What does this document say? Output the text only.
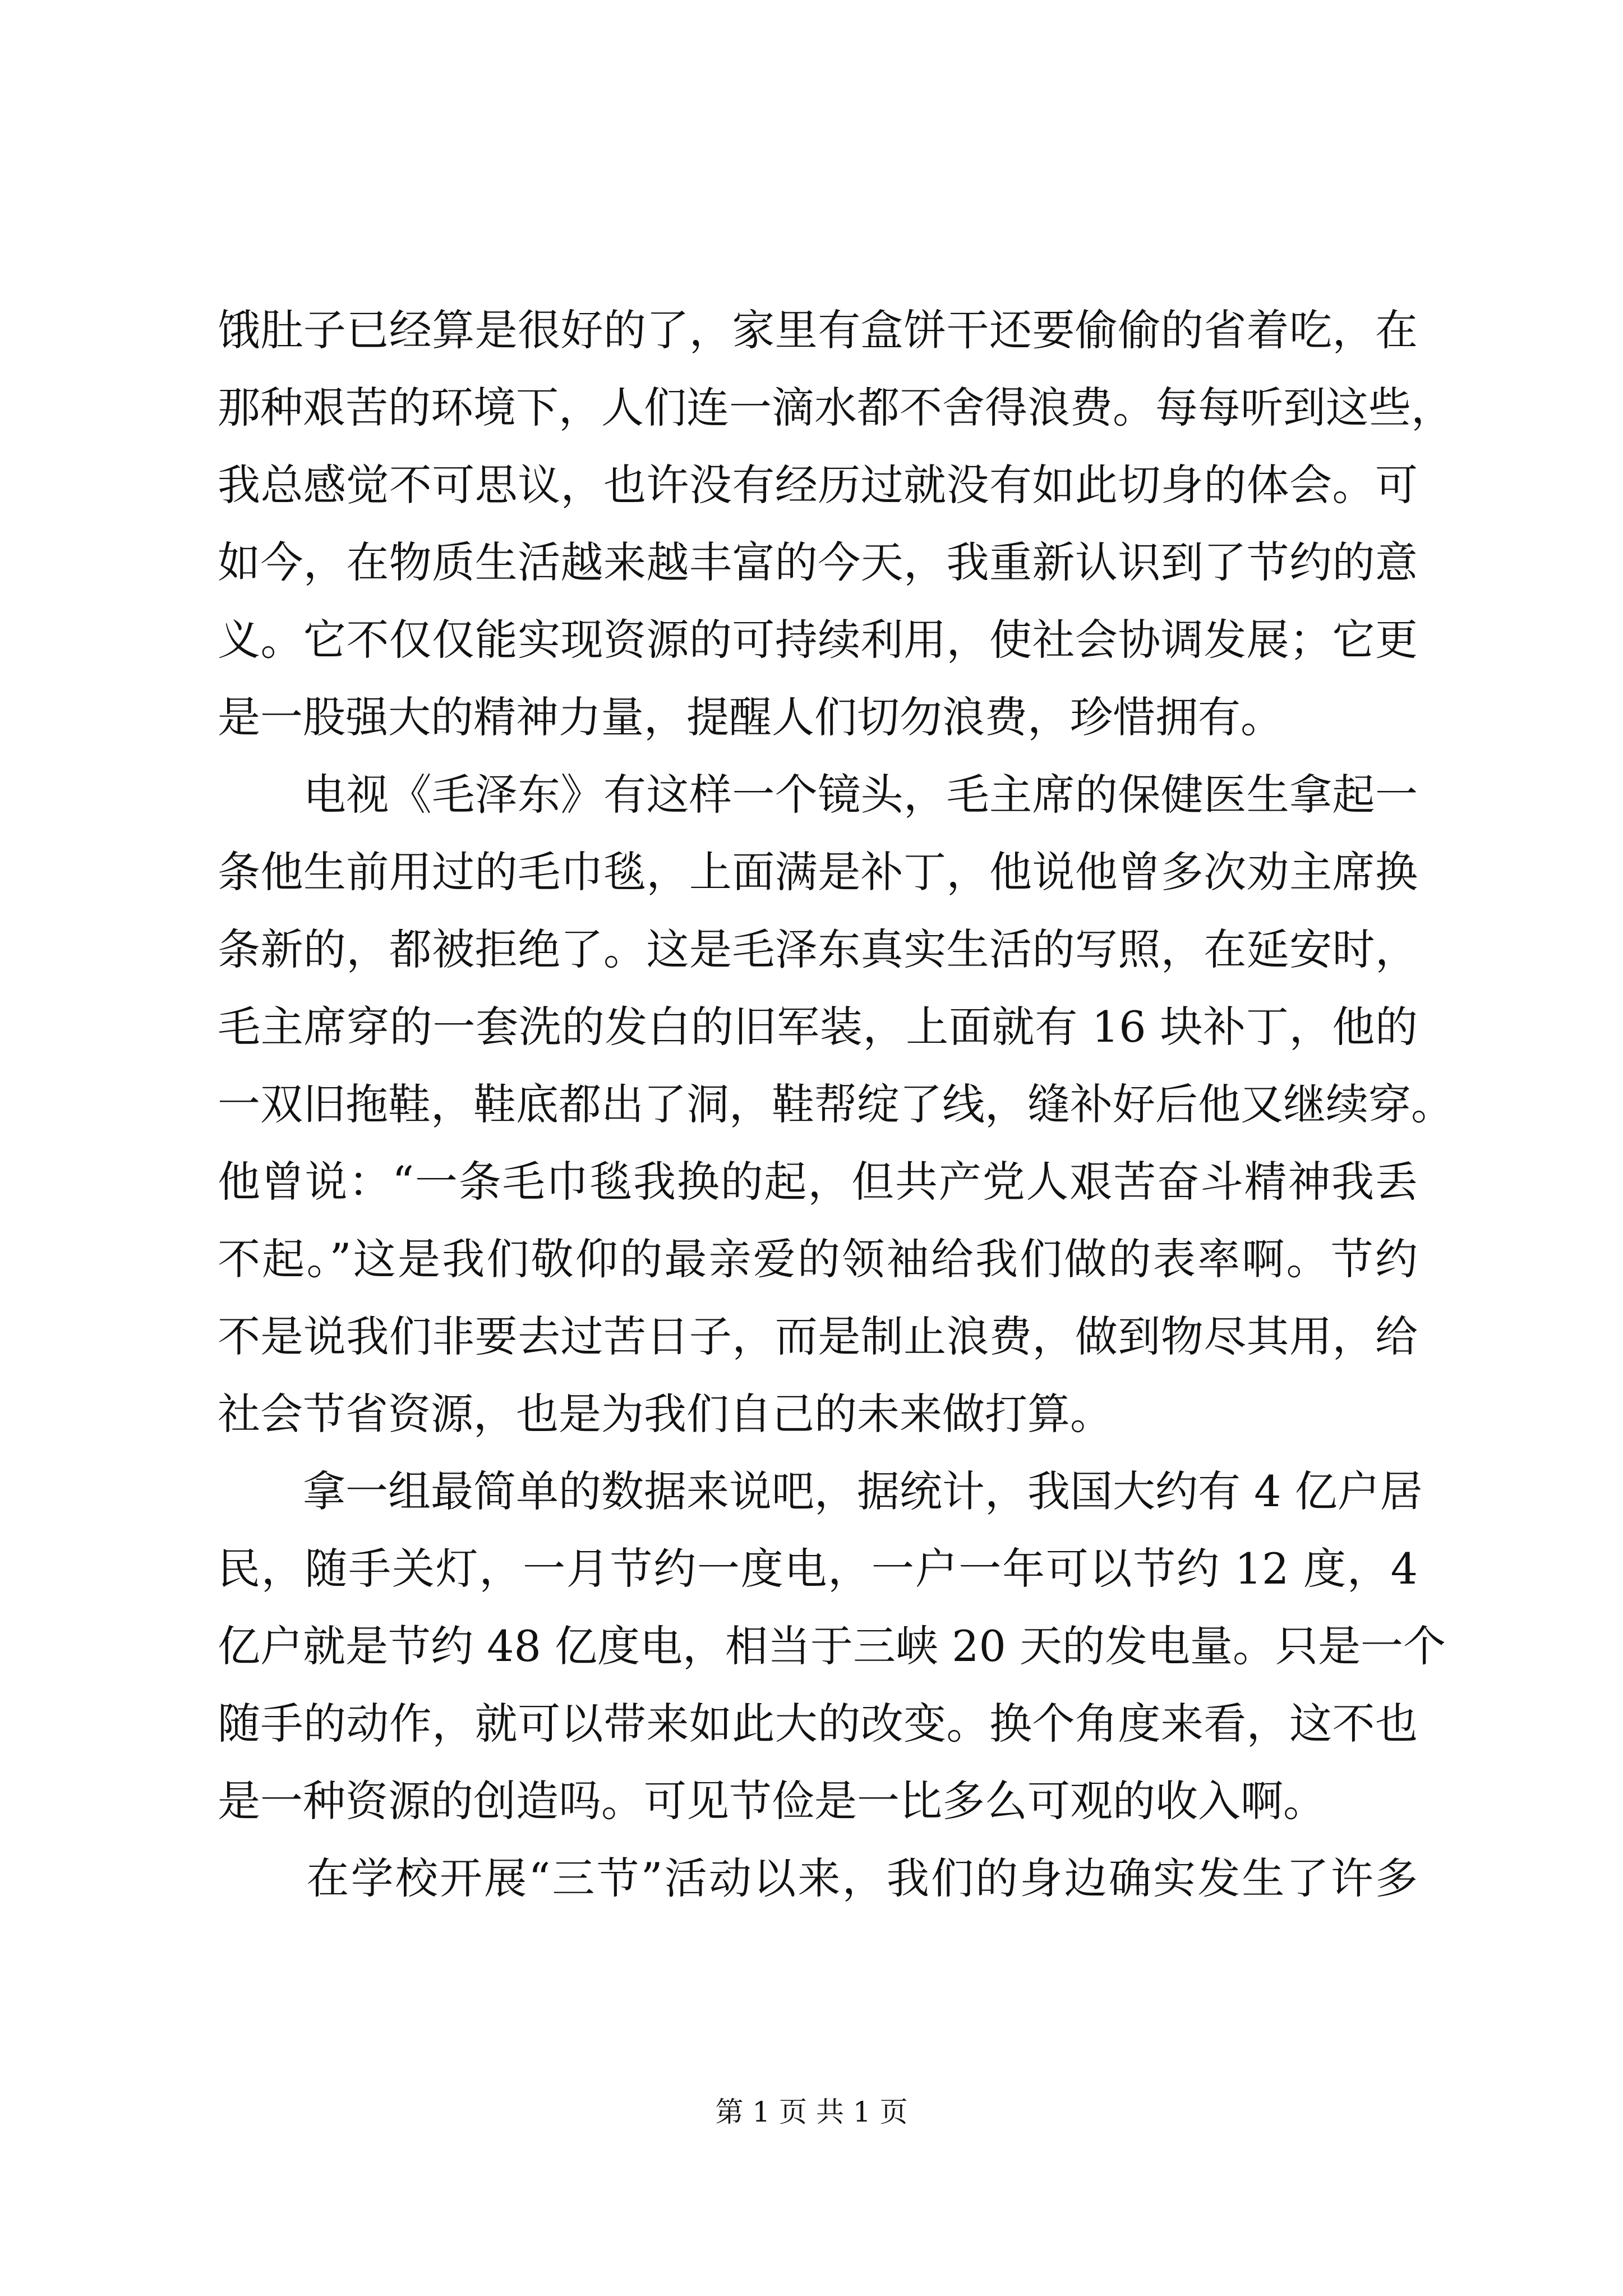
饿肚子已经算是很好的了，家里有盒饼干还要偷偷的省着吃，在
那种艰苦的环境下，人们连一滴水都不舍得浪费。每每听到这些，
我总感觉不可思议，也许没有经历过就没有如此切身的体会。可
如今，在物质生活越来越丰富的今天，我重新认识到了节约的意
义。它不仅仅能实现资源的可持续利用，使社会协调发展；它更
是一股强大的精神力量，提醒人们切勿浪费，珍惜拥有。
　　电视《毛泽东》有这样一个镜头，毛主席的保健医生拿起一
条他生前用过的毛巾毯，上面满是补丁，他说他曾多次劝主席换
条新的，都被拒绝了。这是毛泽东真实生活的写照，在延安时，
毛主席穿的一套洗的发白的旧军装，上面就有 16 块补丁，他的
一双旧拖鞋，鞋底都出了洞，鞋帮绽了线，缝补好后他又继续穿。
他曾说：“一条毛巾毯我换的起，但共产党人艰苦奋斗精神我丢
不起。”这是我们敬仰的最亲爱的领袖给我们做的表率啊。节约
不是说我们非要去过苦日子，而是制止浪费，做到物尽其用，给
社会节省资源，也是为我们自己的未来做打算。
　　拿一组最简单的数据来说吧，据统计，我国大约有 4 亿户居
民，随手关灯，一月节约一度电，一户一年可以节约 12 度，4
亿户就是节约 48 亿度电，相当于三峡 20 天的发电量。只是一个
随手的动作，就可以带来如此大的改变。换个角度来看，这不也
是一种资源的创造吗。可见节俭是一比多么可观的收入啊。
　　在学校开展“三节”活动以来，我们的身边确实发生了许多
第 1 页 共 1 页
